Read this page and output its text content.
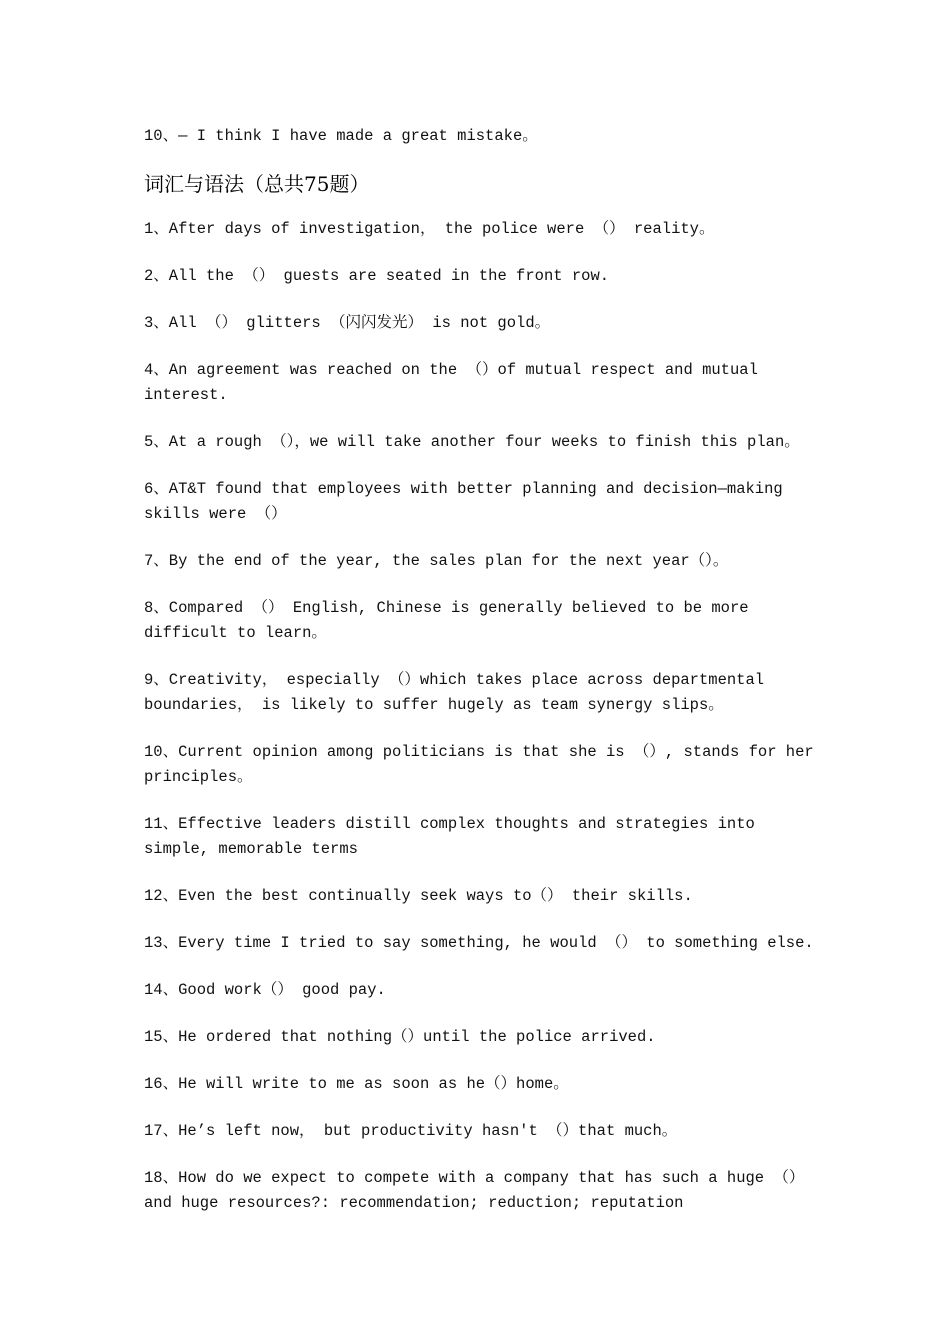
10、— I think I have made a great mistake。

词汇与语法（总共75题）

1、After days of investigation， the police were （） reality。

2、All the （） guests are seated in the front row.

3、All （） glitters （闪闪发光） is not gold。

4、An agreement was reached on the （）of mutual respect and mutual interest.

5、At a rough （），we will take another four weeks to finish this plan。

6、AT&T found that employees with better planning and decision—making skills were （）

7、By the end of the year, the sales plan for the next year（）。

8、Compared （） English, Chinese is generally believed to be more difficult to learn。

9、Creativity， especially （）which takes place across departmental boundaries， is likely to suffer hugely as team synergy slips。

10、Current opinion among politicians is that she is （）, stands for her principles。

11、Effective leaders distill complex thoughts and strategies into simple, memorable terms

12、Even the best continually seek ways to（） their skills.

13、Every time I tried to say something, he would （） to something else.

14、Good work（） good pay.

15、He ordered that nothing（）until the police arrived.

16、He will write to me as soon as he（）home。

17、He’s left now， but productivity hasn't （）that much。

18、How do we expect to compete with a company that has such a huge （）and huge resources?: recommendation; reduction; reputation
